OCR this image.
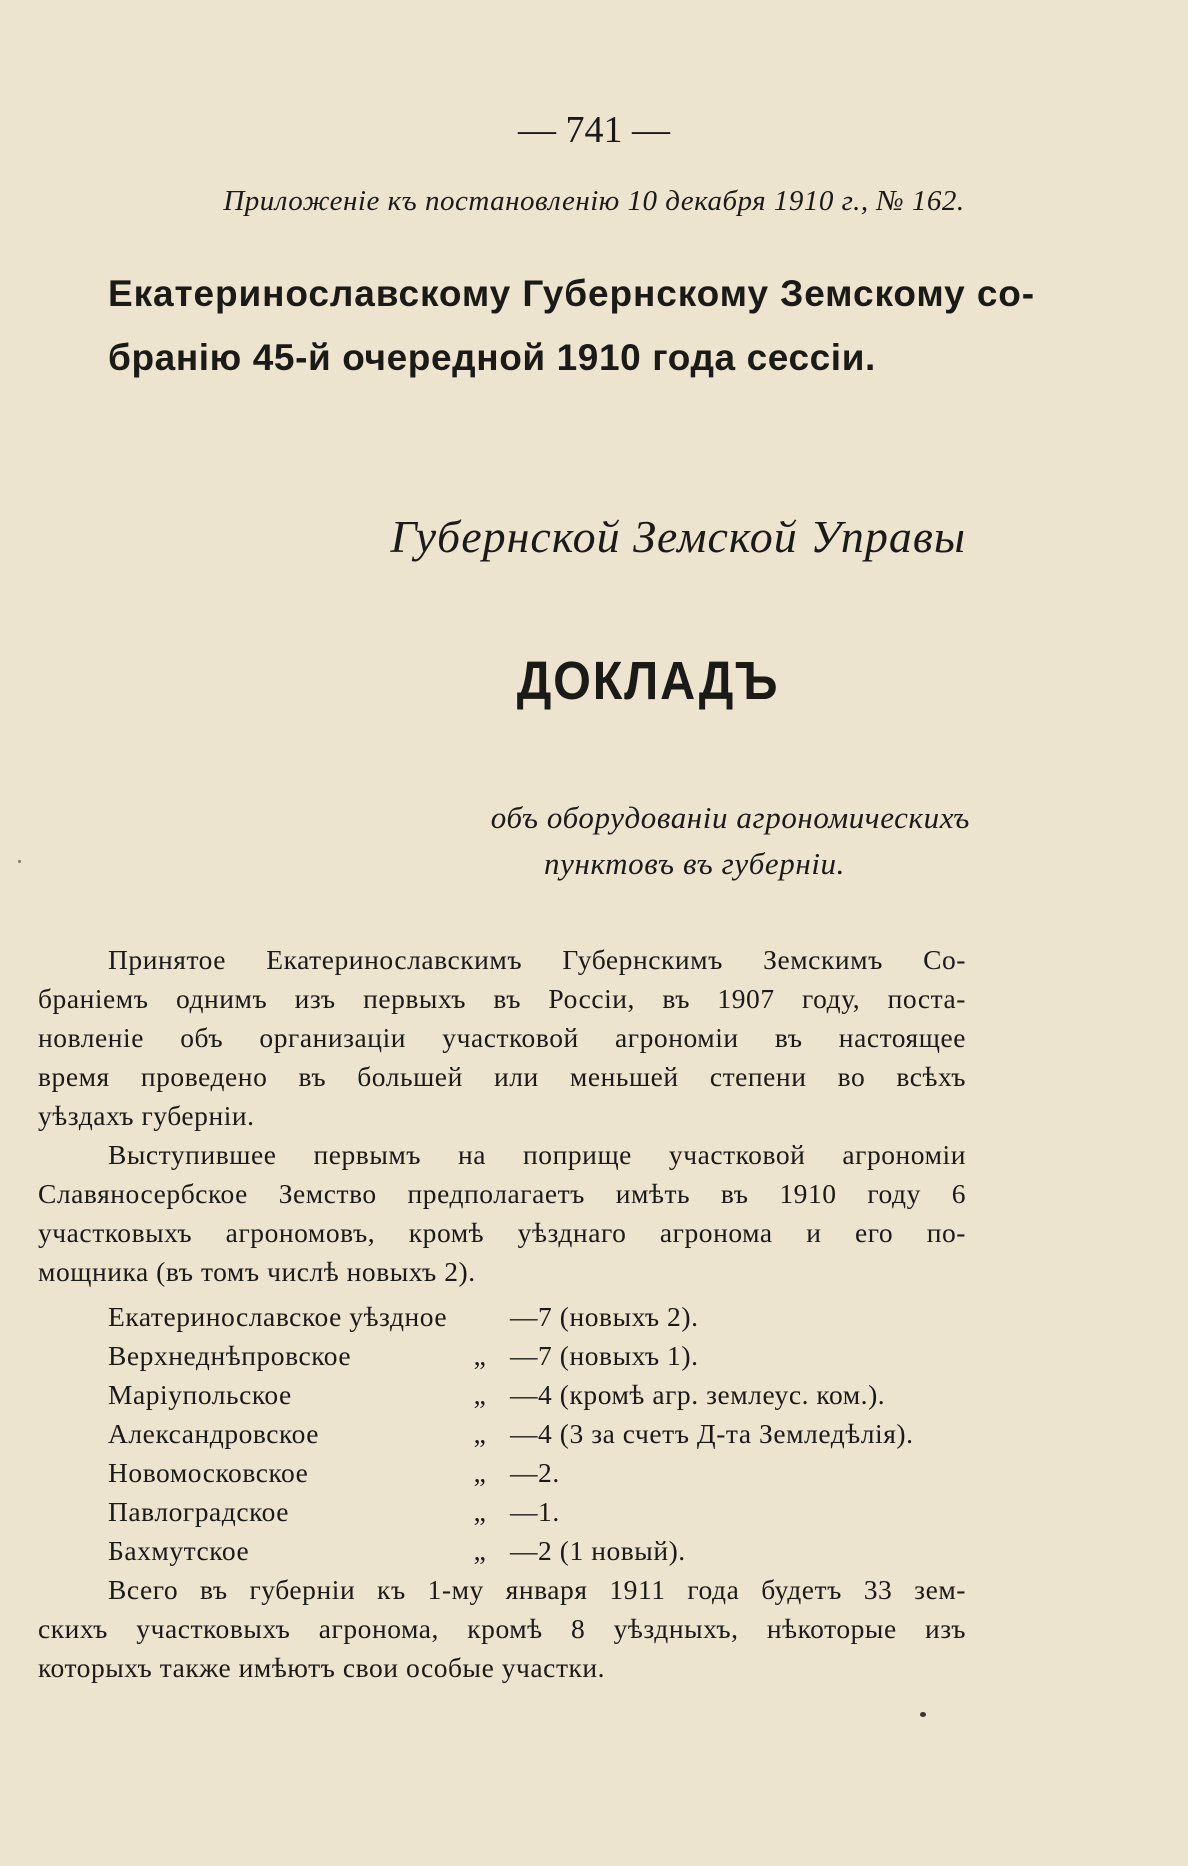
— 741 —
Приложеніе къ постановленію 10 декабря 1910 г., № 162.
Екатеринославскому Губернскому Земскому со-
бранію 45-й очередной 1910 года сессіи.
Губернской Земской Управы
ДОКЛАДЪ
объ оборудованіи агрономическихъ
пунктовъ въ губерніи.
Принятое Екатеринославскимъ Губернскимъ Земскимъ Со-
браніемъ однимъ изъ первыхъ въ Россіи, въ 1907 году, поста-
новленіе объ организаціи участковой агрономіи въ настоящее
время проведено въ большей или меньшей степени во всѣхъ
уѣздахъ губерніи.
Выступившее первымъ на поприще участковой агрономіи
Славяносербское Земство предполагаетъ имѣть въ 1910 году 6
участковыхъ агрономовъ, кромѣ уѣзднаго агронома и его по-
мощника (въ томъ числѣ новыхъ 2).
Екатеринославское уѣздное	—7 (новыхъ 2).
Верхнеднѣпровское	„ —7 (новыхъ 1).
Маріупольское	„ —4 (кромѣ агр. землеус. ком.).
Александровское	„ —4 (3 за счетъ Д-та Земледѣлія).
Новомосковское	„ —2.
Павлоградское	„ —1.
Бахмутское	„ —2 (1 новый).
Всего въ губерніи къ 1-му января 1911 года будетъ 33 зем-
скихъ участковыхъ агронома, кромѣ 8 уѣздныхъ, нѣкоторые изъ
которыхъ также имѣютъ свои особые участки.
